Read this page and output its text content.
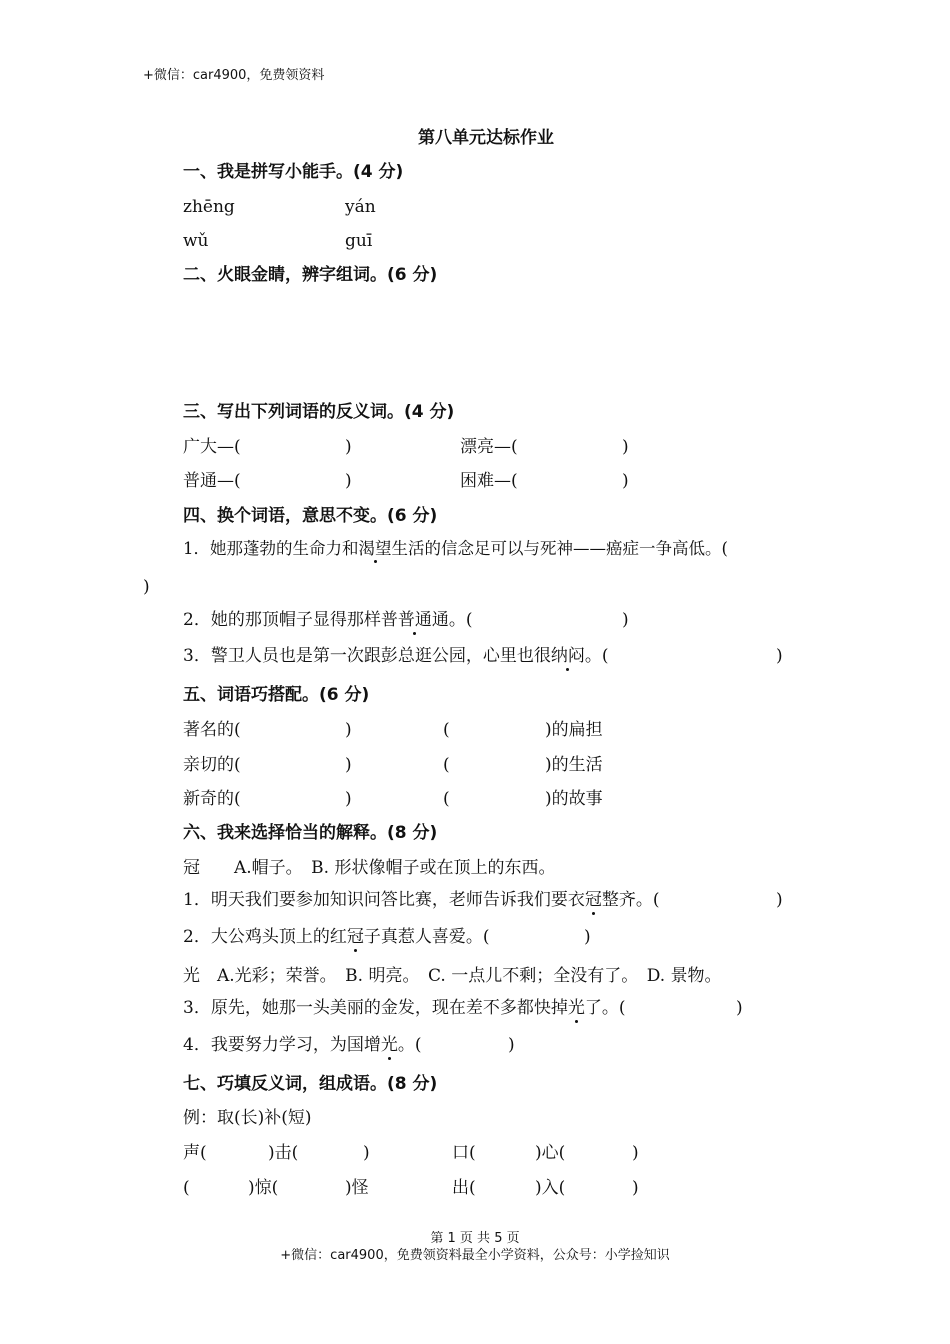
+微信：car4900，免费领资料
第八单元达标作业
一、我是拼写小能手。(4 分)
zhēng	yán
wǔ	guī
二、火眼金睛，辨字组词。(6 分)
三、写出下列词语的反义词。(4 分)
广大—(	)	漂亮—(	)
普通—(	)	困难—(	)
四、换个词语，意思不变。(6 分)
1．她那蓬勃的生命力和渴望生活的信念足可以与死神——癌症一争高低。(
)
2．她的那顶帽子显得那样普普通通。(	)
3．警卫人员也是第一次跟彭总逛公园，心里也很纳闷。(	)
五、词语巧搭配。(6 分)
著名的(	)	(	)的扁担
亲切的(	)	(	)的生活
新奇的(	)	(	)的故事
六、我来选择恰当的解释。(8 分)
冠　　A.帽子。　B. 形状像帽子或在顶上的东西。
1．明天我们要参加知识问答比赛，老师告诉我们要衣冠整齐。(	)
2．大公鸡头顶上的红冠子真惹人喜爱。(	)
光　A.光彩；荣誉。　B. 明亮。　C. 一点儿不剩；全没有了。　D. 景物。
3．原先，她那一头美丽的金发，现在差不多都快掉光了。(	)
4．我要努力学习，为国增光。(	)
七、巧填反义词，组成语。(8 分)
例：取(长)补(短)
声(	)击(	)	口(	)心(	)
(	)惊(	)怪	出(	)入(	)
第 1 页 共 5 页
+微信：car4900，免费领资料最全小学资料，公众号：小学捡知识
